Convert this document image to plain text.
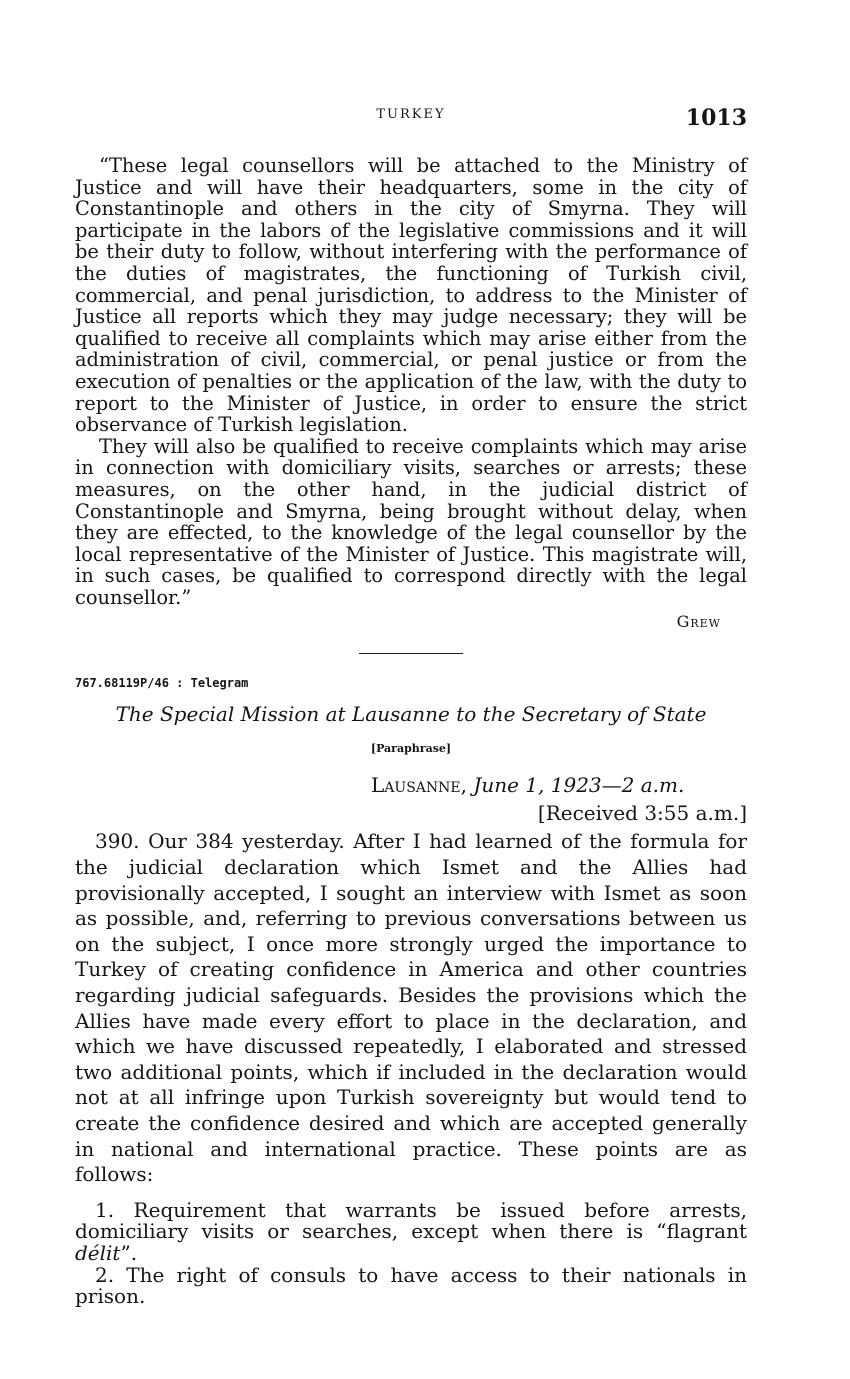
TURKEY	1013

“These legal counsellors will be attached to the Ministry of Justice and will have their headquarters, some in the city of Constantinople and others in the city of Smyrna. They will participate in the labors of the legislative commissions and it will be their duty to follow, without interfering with the performance of the duties of magistrates, the functioning of Turkish civil, commercial, and penal jurisdiction, to address to the Minister of Justice all reports which they may judge necessary; they will be qualified to receive all complaints which may arise either from the administration of civil, commercial, or penal justice or from the execution of penalties or the application of the law, with the duty to report to the Minister of Justice, in order to ensure the strict observance of Turkish legislation.

They will also be qualified to receive complaints which may arise in connection with domiciliary visits, searches or arrests; these measures, on the other hand, in the judicial district of Constantinople and Smyrna, being brought without delay, when they are effected, to the knowledge of the legal counsellor by the local representative of the Minister of Justice. This magistrate will, in such cases, be qualified to correspond directly with the legal counsellor.”

Grew
767.68119P/46 : Telegram
The Special Mission at Lausanne to the Secretary of State
[Paraphrase]
Lausanne, June 1, 1923—2 a.m.
[Received 3:55 a.m.]

390. Our 384 yesterday. After I had learned of the formula for the judicial declaration which Ismet and the Allies had provisionally accepted, I sought an interview with Ismet as soon as possible, and, referring to previous conversations between us on the subject, I once more strongly urged the importance to Turkey of creating confidence in America and other countries regarding judicial safeguards. Besides the provisions which the Allies have made every effort to place in the declaration, and which we have discussed repeatedly, I elaborated and stressed two additional points, which if included in the declaration would not at all infringe upon Turkish sovereignty but would tend to create the confidence desired and which are accepted generally in national and international practice. These points are as follows:

1. Requirement that warrants be issued before arrests, domiciliary visits or searches, except when there is “flagrant délit”.

2. The right of consuls to have access to their nationals in prison.
